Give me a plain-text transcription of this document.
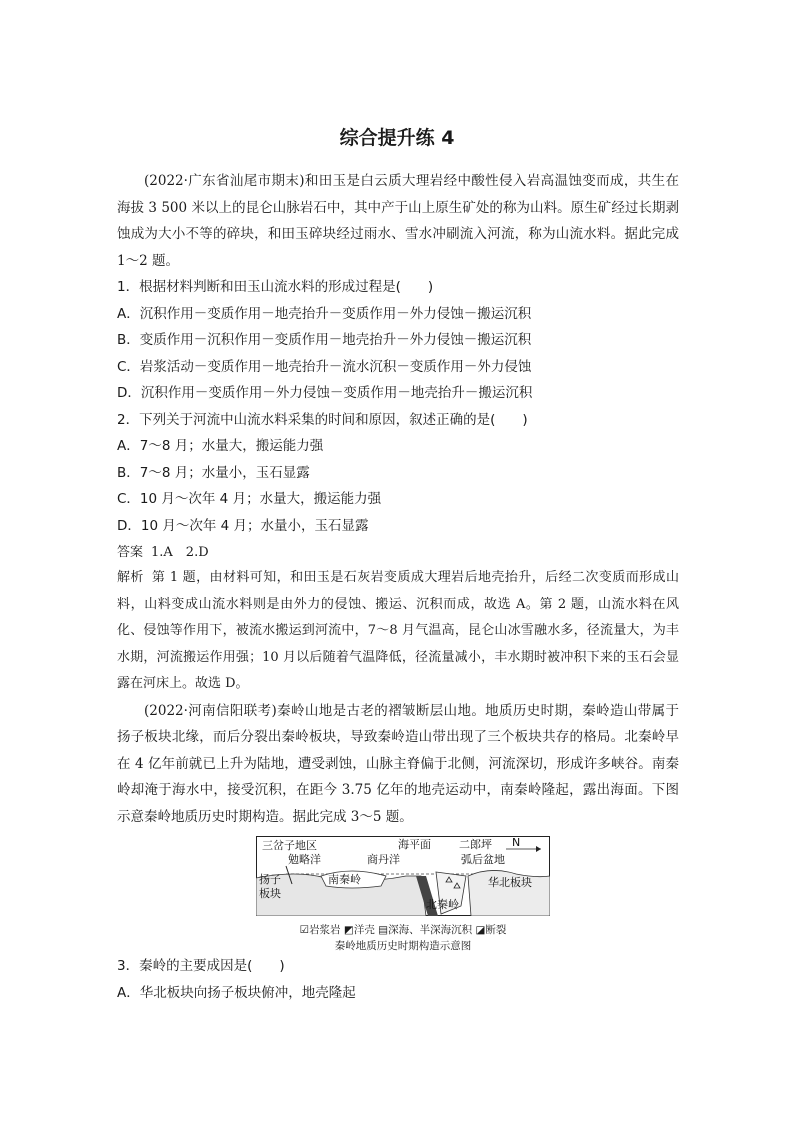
综合提升练 4

(2022·广东省汕尾市期末)和田玉是白云质大理岩经中酸性侵入岩高温蚀变而成，共生在海拔 3 500 米以上的昆仑山脉岩石中，其中产于山上原生矿处的称为山料。原生矿经过长期剥蚀成为大小不等的碎块，和田玉碎块经过雨水、雪水冲刷流入河流，称为山流水料。据此完成 1～2 题。

1．根据材料判断和田玉山流水料的形成过程是(　　)

A．沉积作用－变质作用－地壳抬升－变质作用－外力侵蚀－搬运沉积

B．变质作用－沉积作用－变质作用－地壳抬升－外力侵蚀－搬运沉积

C．岩浆活动－变质作用－地壳抬升－流水沉积－变质作用－外力侵蚀

D．沉积作用－变质作用－外力侵蚀－变质作用－地壳抬升－搬运沉积

2．下列关于河流中山流水料采集的时间和原因，叙述正确的是(　　)

A．7～8 月；水量大，搬运能力强

B．7～8 月；水量小，玉石显露

C．10 月～次年 4 月；水量大，搬运能力强

D．10 月～次年 4 月；水量小，玉石显露

答案 1.A　2.D

解析 第 1 题，由材料可知，和田玉是石灰岩变质成大理岩后地壳抬升，后经二次变质而形成山料，山料变成山流水料则是由外力的侵蚀、搬运、沉积而成，故选 A。第 2 题，山流水料在风化、侵蚀等作用下，被流水搬运到河流中，7～8 月气温高，昆仑山冰雪融水多，径流量大，为丰水期，河流搬运作用强；10 月以后随着气温降低，径流量减小，丰水期时被冲积下来的玉石会显露在河床上。故选 D。

(2022·河南信阳联考)秦岭山地是古老的褶皱断层山地。地质历史时期，秦岭造山带属于扬子板块北缘，而后分裂出秦岭板块，导致秦岭造山带出现了三个板块共存的格局。北秦岭早在 4 亿年前就已上升为陆地，遭受剥蚀，山脉主脊偏于北侧，河流深切，形成许多峡谷。南秦岭却淹于海水中，接受沉积，在距今 3.75 亿年的地壳运动中，南秦岭隆起，露出海面。下图示意秦岭地质历史时期构造。据此完成 3～5 题。

三岔子地区
勉略洋
海平面
商丹洋
二郎坪
弧后盆地
N
扬子
板块
南秦岭
北秦岭
华北板块
☑岩浆岩 ◩洋壳 ▤深海、半深海沉积 ◪断裂
秦岭地质历史时期构造示意图

3．秦岭的主要成因是(　　)

A．华北板块向扬子板块俯冲，地壳隆起
